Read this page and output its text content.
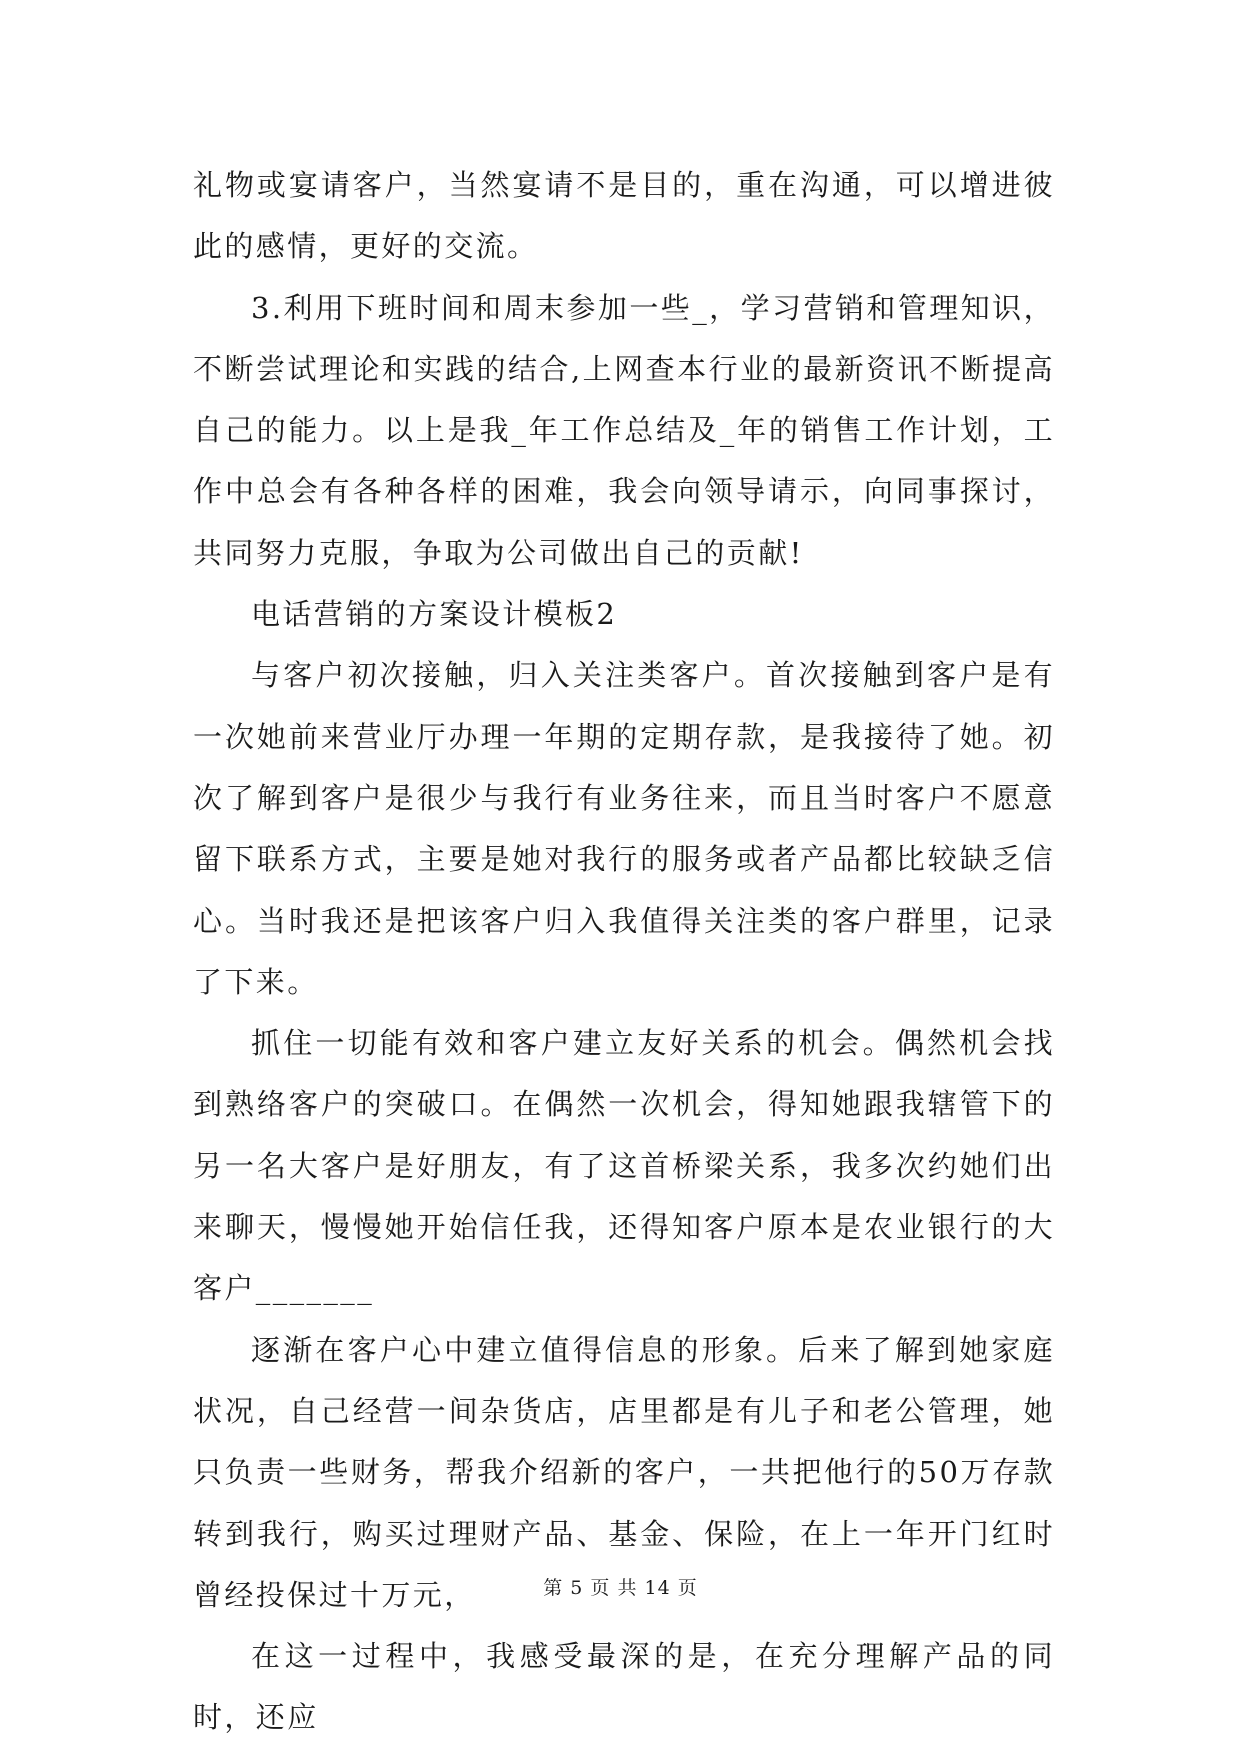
礼物或宴请客户，当然宴请不是目的，重在沟通，可以增进彼此的感情，更好的交流。

3.利用下班时间和周末参加一些_，学习营销和管理知识，不断尝试理论和实践的结合,上网查本行业的最新资讯不断提高自己的能力。以上是我_年工作总结及_年的销售工作计划，工作中总会有各种各样的困难，我会向领导请示，向同事探讨，共同努力克服，争取为公司做出自己的贡献!

电话营销的方案设计模板2

与客户初次接触，归入关注类客户。首次接触到客户是有一次她前来营业厅办理一年期的定期存款，是我接待了她。初次了解到客户是很少与我行有业务往来，而且当时客户不愿意留下联系方式，主要是她对我行的服务或者产品都比较缺乏信心。当时我还是把该客户归入我值得关注类的客户群里，记录了下来。

抓住一切能有效和客户建立友好关系的机会。偶然机会找到熟络客户的突破口。在偶然一次机会，得知她跟我辖管下的另一名大客户是好朋友，有了这首桥梁关系，我多次约她们出来聊天，慢慢她开始信任我，还得知客户原本是农业银行的大客户_______

逐渐在客户心中建立值得信息的形象。后来了解到她家庭状况，自己经营一间杂货店，店里都是有儿子和老公管理，她只负责一些财务，帮我介绍新的客户，一共把他行的50万存款转到我行，购买过理财产品、基金、保险，在上一年开门红时曾经投保过十万元，

在这一过程中，我感受最深的是，在充分理解产品的同时，还应

第 5 页 共 14 页
